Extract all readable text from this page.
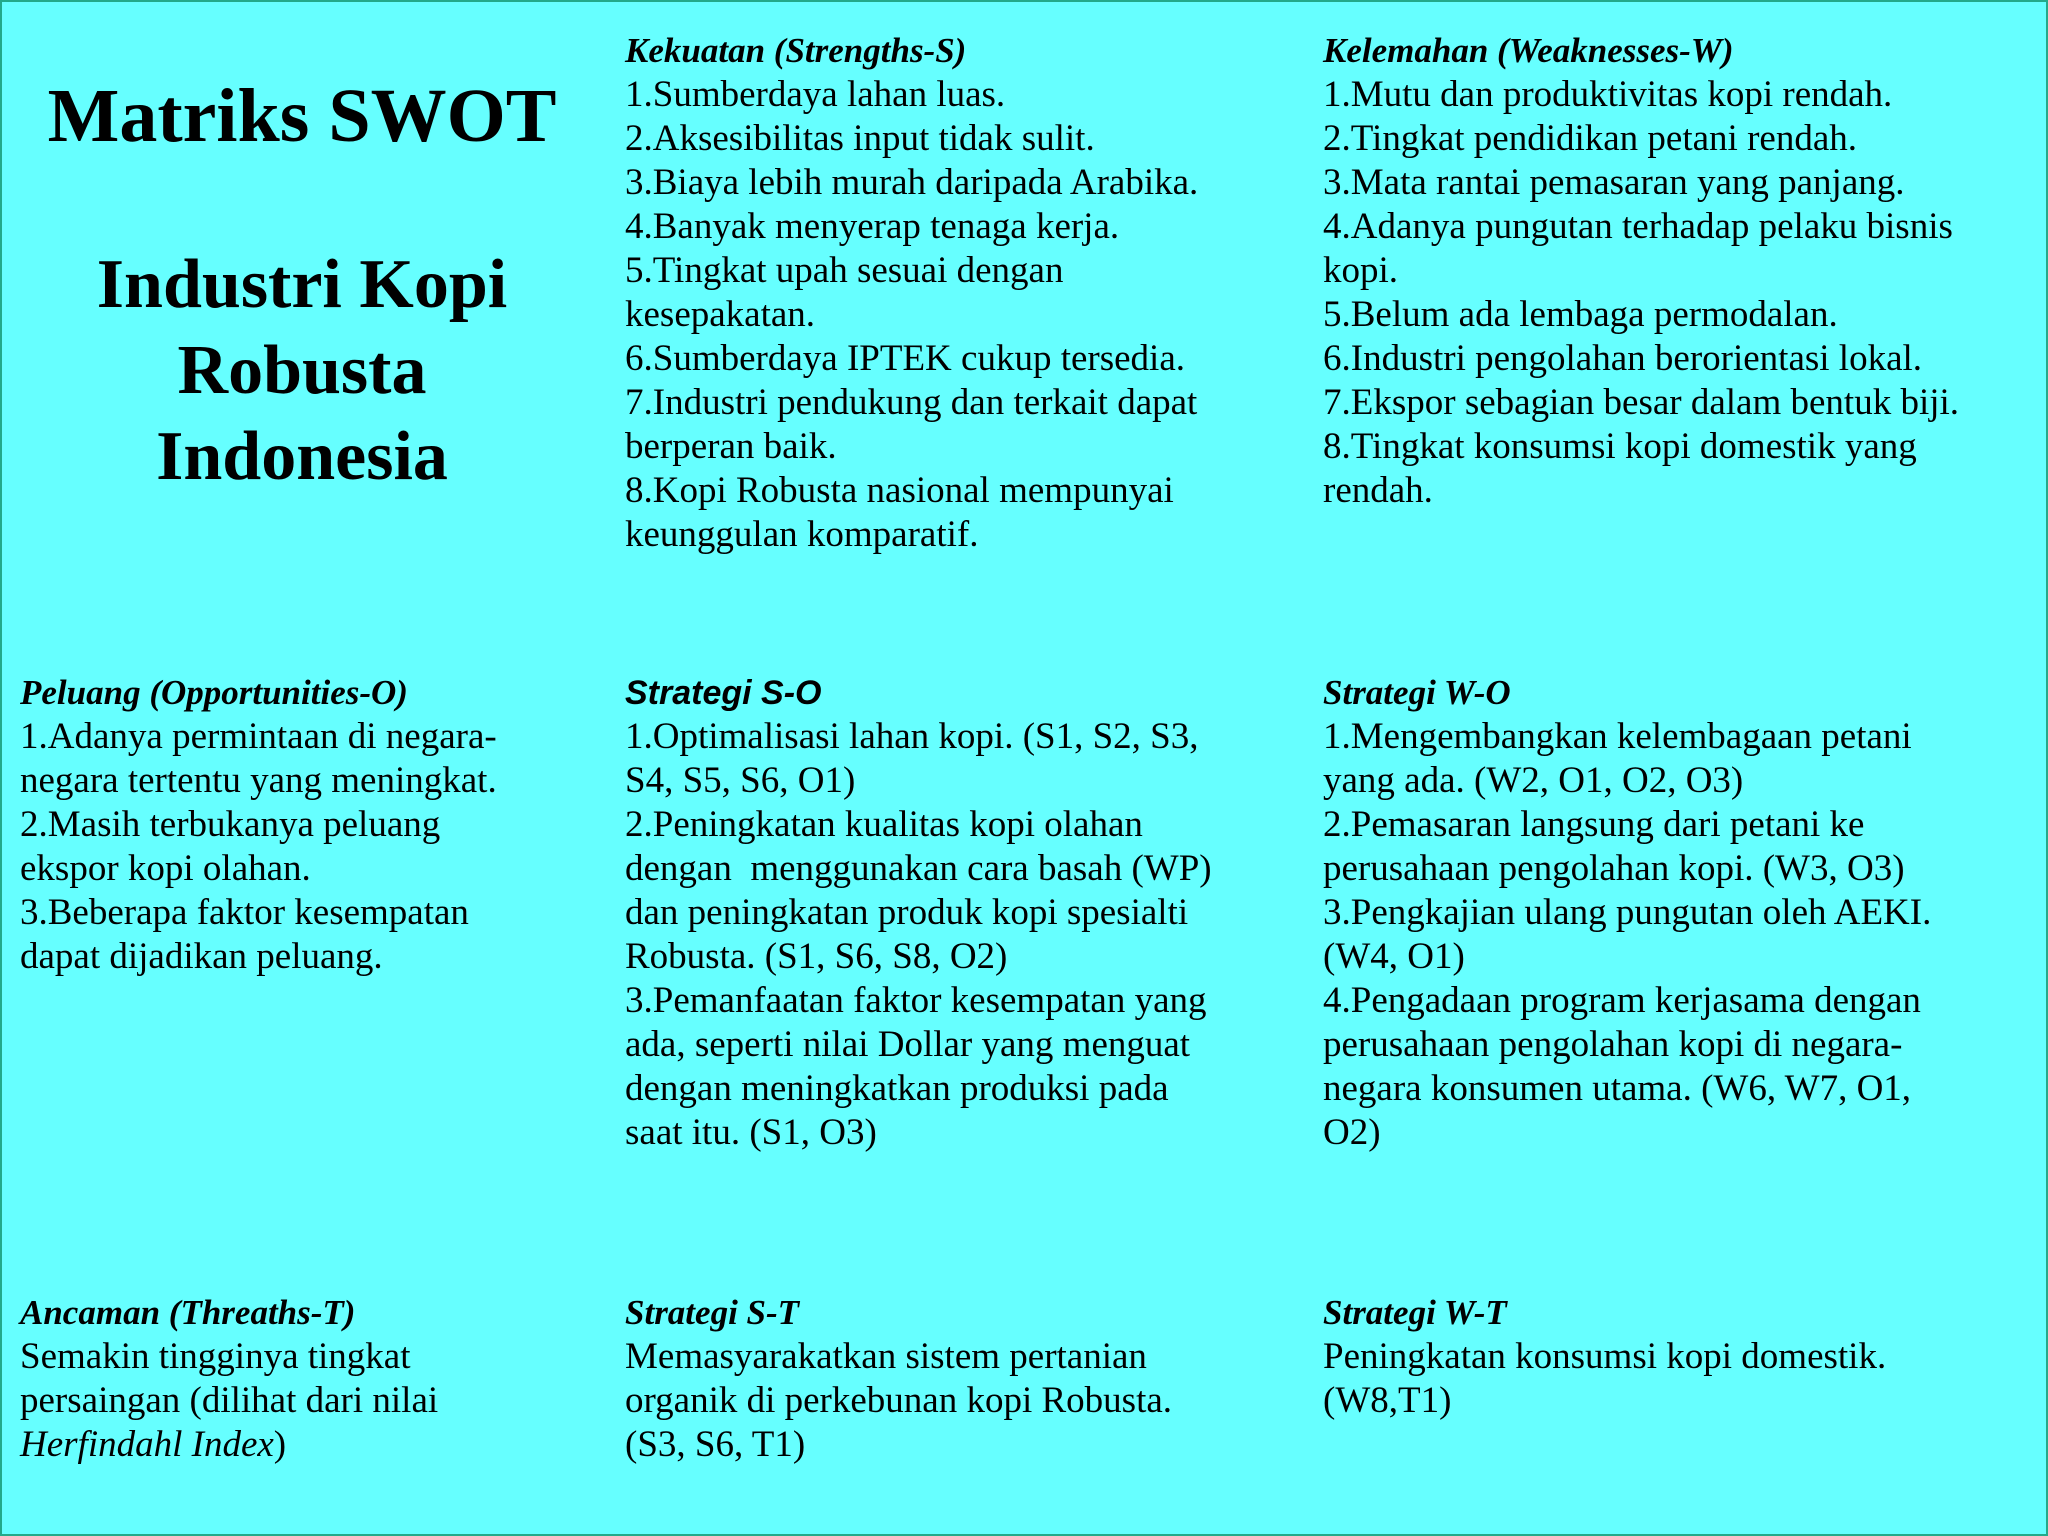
Matriks SWOT
Industri Kopi
Robusta
Indonesia
Kekuatan (Strengths-S)
1.Sumberdaya lahan luas.
2.Aksesibilitas input tidak sulit.
3.Biaya lebih murah daripada Arabika.
4.Banyak menyerap tenaga kerja.
5.Tingkat upah sesuai dengan
kesepakatan.
6.Sumberdaya IPTEK cukup tersedia.
7.Industri pendukung dan terkait dapat
berperan baik.
8.Kopi Robusta nasional mempunyai
keunggulan komparatif.
Kelemahan (Weaknesses-W)
1.Mutu dan produktivitas kopi rendah.
2.Tingkat pendidikan petani rendah.
3.Mata rantai pemasaran yang panjang.
4.Adanya pungutan terhadap pelaku bisnis
kopi.
5.Belum ada lembaga permodalan.
6.Industri pengolahan berorientasi lokal.
7.Ekspor sebagian besar dalam bentuk biji.
8.Tingkat konsumsi kopi domestik yang
rendah.
Peluang (Opportunities-O)
1.Adanya permintaan di negara-
negara tertentu yang meningkat.
2.Masih terbukanya peluang
ekspor kopi olahan.
3.Beberapa faktor kesempatan
dapat dijadikan peluang.
Strategi S-O
1.Optimalisasi lahan kopi. (S1, S2, S3,
S4, S5, S6, O1)
2.Peningkatan kualitas kopi olahan
dengan  menggunakan cara basah (WP)
dan peningkatan produk kopi spesialti
Robusta. (S1, S6, S8, O2)
3.Pemanfaatan faktor kesempatan yang
ada, seperti nilai Dollar yang menguat
dengan meningkatkan produksi pada
saat itu. (S1, O3)
Strategi W-O
1.Mengembangkan kelembagaan petani
yang ada. (W2, O1, O2, O3)
2.Pemasaran langsung dari petani ke
perusahaan pengolahan kopi. (W3, O3)
3.Pengkajian ulang pungutan oleh AEKI.
(W4, O1)
4.Pengadaan program kerjasama dengan
perusahaan pengolahan kopi di negara-
negara konsumen utama. (W6, W7, O1,
O2)
Ancaman (Threaths-T)
Semakin tingginya tingkat
persaingan (dilihat dari nilai
Herfindahl Index)
Strategi S-T
Memasyarakatkan sistem pertanian
organik di perkebunan kopi Robusta.
(S3, S6, T1)
Strategi W-T
Peningkatan konsumsi kopi domestik.
(W8,T1)
